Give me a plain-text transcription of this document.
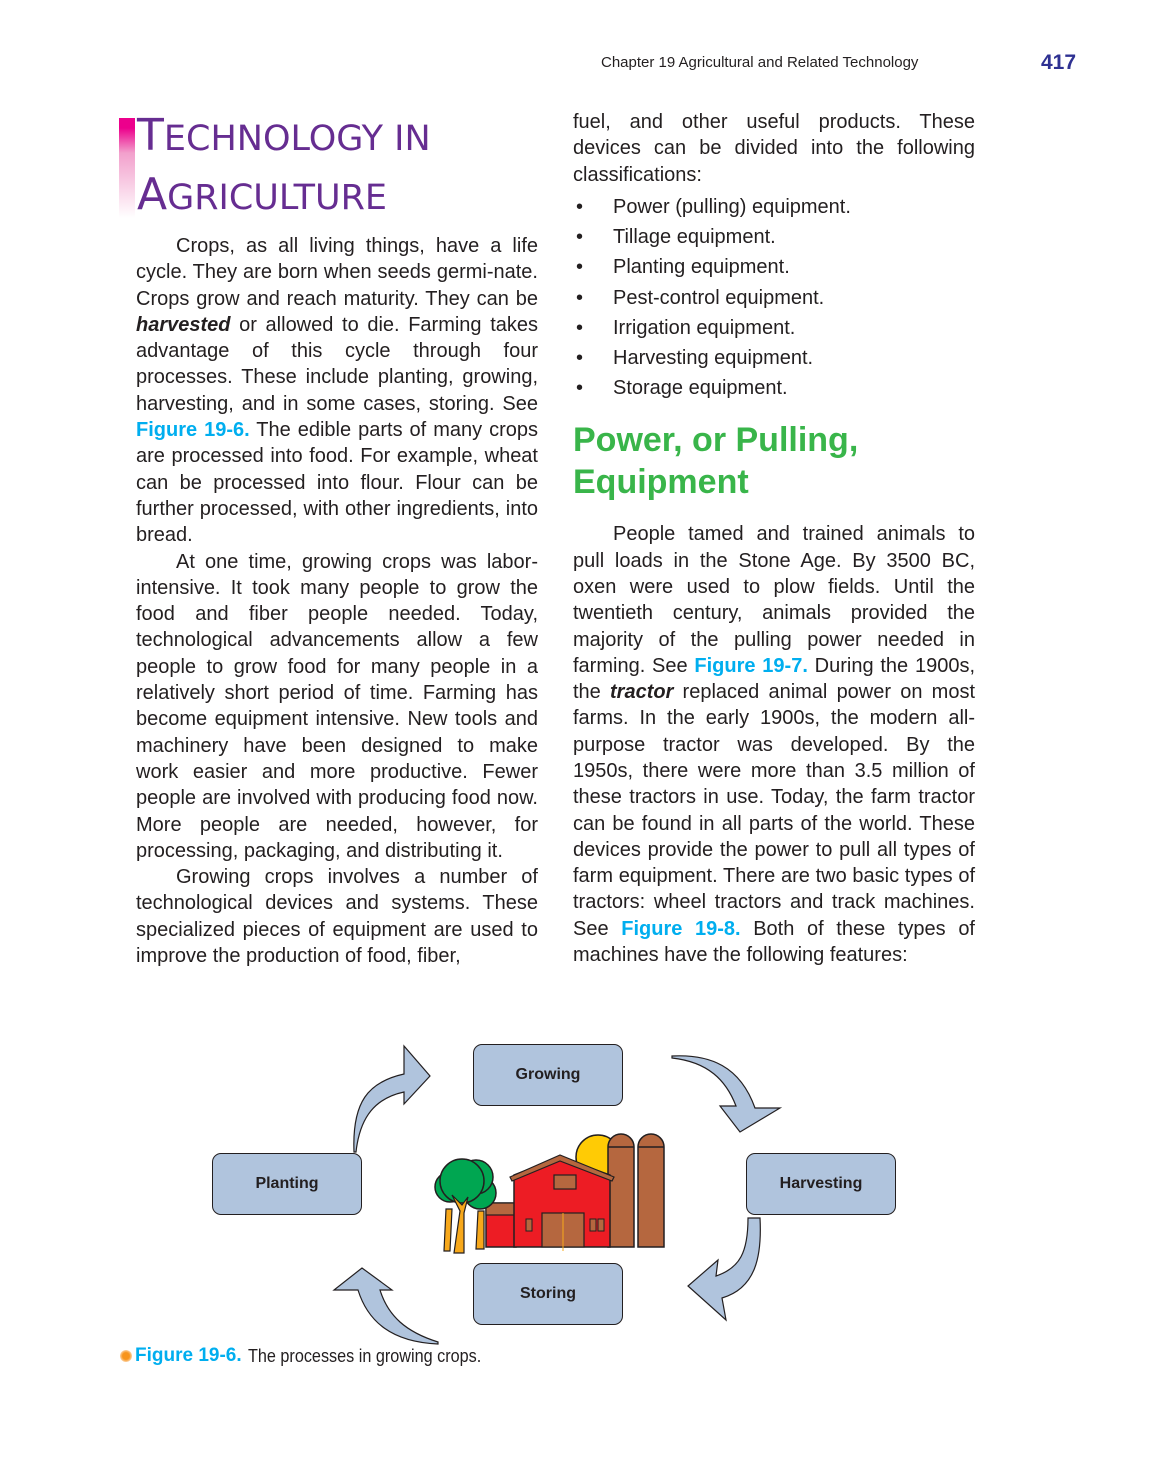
Chapter 19 Agricultural and Related Technology	417
TECHNOLOGY IN
AGRICULTURE

Crops, as all living things, have a life cycle. They are born when seeds germi-nate. Crops grow and reach maturity. They can be harvested or allowed to die. Farming takes advantage of this cycle through four processes. These include planting, growing, harvesting, and in some cases, storing. See Figure 19-6. The edible parts of many crops are processed into food. For example, wheat can be processed into flour. Flour can be further processed, with other ingredients, into bread.

At one time, growing crops was labor-intensive. It took many people to grow the food and fiber people needed. Today, technological advancements allow a few people to grow food for many people in a relatively short period of time. Farming has become equipment intensive. New tools and machinery have been designed to make work easier and more productive. Fewer people are involved with producing food now. More people are needed, however, for processing, packaging, and distributing it.

Growing crops involves a number of technological devices and systems. These specialized pieces of equipment are used to improve the production of food, fiber,

fuel, and other useful products. These devices can be divided into the following classifications:

• Power (pulling) equipment.
• Tillage equipment.
• Planting equipment.
• Pest-control equipment.
• Irrigation equipment.
• Harvesting equipment.
• Storage equipment.
Power, or Pulling, Equipment

People tamed and trained animals to pull loads in the Stone Age. By 3500 BC, oxen were used to plow fields. Until the twentieth century, animals provided the majority of the pulling power needed in farming. See Figure 19-7. During the 1900s, the tractor replaced animal power on most farms. In the early 1900s, the modern all-purpose tractor was developed. By the 1950s, there were more than 3.5 million of these tractors in use. Today, the farm tractor can be found in all parts of the world. These devices provide the power to pull all types of farm equipment. There are two basic types of tractors: wheel tractors and track machines. See Figure 19-8. Both of these types of machines have the following features:

Growing
Planting	Harvesting
Storing
Figure 19-6. The processes in growing crops.
